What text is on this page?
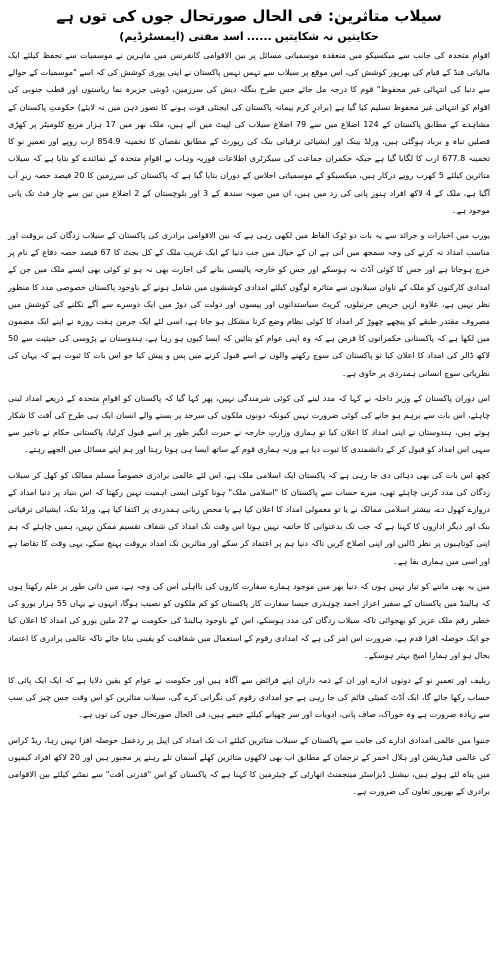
سیلاب متاثرین: فی الحال صورتحال جوں کی توں ہے
حکایتیں نہ شکایتیں......اسد مفتی (ایمسٹرڈیم)

اقوامِ متحدہ کی جانب سے میکسیکو میں منعقدہ موسمیاتی مسائل پر بین الاقوامی کانفرنس میں ماہرین نے موسمیات سے تحفظ کیلئے ایک مالیاتی فنڈ کے قیام کی بھرپور کوشش کی، اس موقع پر سیلاب سے تہس نہس پاکستان نے اپنی پوری کوشش کی کہ اسے "موسمیات کے حوالے سے دنیا کی انتہائی غیر محفوظ" قوم کا درجہ مل جائے جس طرح بنگلہ دیش کی سرزمین، ڈوبتی جزیرہ نما ریاستوں اور قطب جنوبی کی اقوام کو انتہائی غیر محفوظ تسلیم کیا گیا ہے (برادرِ کرم پیمانہ پاکستان کی ایجنٹی قوت ہونے کا تصور ذہن میں نہ لایئے) حکومتِ پاکستان کے مشاہدے کے مطابق پاکستان کے 124 اضلاع میں سے 79 اضلاع سیلاب کی لپیٹ میں آئے ہیں، ملک بھر میں 17 ہزار مربع کلومیٹر پر کھڑی فصلیں تباہ و برباد ہوگئی ہیں، ورلڈ بینک اور ایشیائی ترقیاتی بنک کی رپورٹ کے مطابق نقصان کا تخمینہ 854.9 ارب روپے اور تعمیرِ نو کا تخمینہ 677.8 ارب کا لگایا گیا ہے جبکہ حکمران جماعت کی سیکرٹری اطلاعات فوزیہ وہاب نے اقوامِ متحدہ کے نمائندے کو بتایا ہے کہ سیلاب متاثرین کیلئے 5 کھرب روپے درکار ہیں، میکسیکو کے موسمیاتی اجلاس کے دوران بتایا گیا ہے کہ پاکستان کی سرزمین کا 20 فیصد حصہ زیرِ آب آگیا ہے، ملک کے 4 لاکھ افراد ہنوز پانی کی زد میں ہیں، ان میں صوبہ سندھ کے 3 اور بلوچستان کے 2 اضلاع میں تین سے چار فٹ تک پانی موجود ہے۔

یورپ میں اخبارات و جرائد سے یہ بات دو ٹوک الفاظ میں لکھی رہی ہے کہ بین الاقوامی برادری کی پاکستان کے سیلاب زدگان کی بروقت اور مناسب امداد نہ کرنے کی وجہ سمجھ میں آتی ہے ان کے خیال میں جب دنیا کے ایک غریب ملک کے کل بجٹ کا 67 فیصد حصہ دفاع کے نام پر خرچ ہوجاتا ہے اور جس کا کوئی آڈٹ نہ ہوسکے اور جس کو خارجہ پالیسی بنانے کی اجازت بھی نہ ہو تو کوئی بھی ایسے ملک میں جن کے امدادی کارکنوں کو ملک کے تاوان سیلابوں سے متاثرہ لوگوں کیلئے امدادی کوششوں میں شامل ہونے کے باوجود پاکستان خصوصی مدد کا منظور نظر نہیں ہے، علاوہ ازیں حریص جرنیلوں، کرپٹ سیاستدانوں اور پیسوں اور دولت کی دوڑ میں ایک دوسرے سے آگے نکلنے کی کوشش میں مصروف مقتدر طبقے کو پیچھے چھوڑ کر امداد کا کوئی نظام وضع کرنا مشکل ہو جاتا ہے، اسی لئے ایک جرمن ہفت روزہ نے اپنے ایک مضمون میں لکھا ہے کہ پاکستانی حکمرانوں کا فرض ہے کہ وہ اپنی عوام کو بتائیں کہ ایسا کیوں ہو رہا ہے، ہندوستان نے پڑوسی کی حیثیت سے 50 لاکھ ڈالر کی امداد کا اعلان کیا تو پاکستان کی سوچ رکھنے والوں نے اسے قبول کرنے میں پس و پیش کیا جو اس بات کا ثبوت ہے کہ یہاں کی نظریاتی سوچ انسانی ہمدردی پر حاوی ہے۔

اس دوران پاکستان کے وزیر داخلہ نے کہا کہ مدد لینے کی کوئی شرمندگی نہیں، پھر کہا گیا کہ پاکستان کو اقوامِ متحدہ کے ذریعے امداد لینی چاہئے، اس بات سے برہم ہو جانے کی کوئی ضرورت نہیں کیونکہ دونوں ملکوں کی سرحد پر بسنے والے انسان ایک ہی طرح کی آفت کا شکار ہوتے ہیں، ہندوستان نے اپنی امداد کا اعلان کیا تو ہماری وزارتِ خارجہ نے حیرت انگیز طور پر اسے قبول کرلیا، پاکستانی حکام نے تاخیر سے سہی اس امداد کو قبول کر کے دانشمندی کا ثبوت دیا ہے ورنہ ہماری قوم کے ساتھ ایسا ہی ہوتا رہتا اور ہم اپنے مسائل میں الجھے رہتے۔

کچھ اس بات کی بھی دہائی دی جا رہی ہے کہ پاکستان ایک اسلامی ملک ہے، اس لئے عالمی برادری خصوصاً مسلم ممالک کو کھل کر سیلاب زدگان کی مدد کرنی چاہئے تھی، میرے حساب سے پاکستان کا "اسلامی ملک" ہونا کوئی ایسی اہمیت نہیں رکھتا کہ اس بنیاد پر دنیا امداد کے دروازے کھول دے، بیشتر اسلامی ممالک نے یا تو معمولی امداد کا اعلان کیا ہے یا محض زبانی ہمدردی پر اکتفا کیا ہے، ورلڈ بنک، ایشیائی ترقیاتی بنک اور دیگر اداروں کا کہنا ہے کہ جب تک بدعنوانی کا خاتمہ نہیں ہوتا اس وقت تک امداد کی شفاف تقسیم ممکن نہیں، ہمیں چاہئے کہ ہم اپنی کوتاہیوں پر نظر ڈالیں اور اپنی اصلاح کریں تاکہ دنیا ہم پر اعتماد کر سکے اور متاثرین تک امداد بروقت پہنچ سکے، یہی وقت کا تقاضا ہے اور اسی میں ہماری بقا ہے۔

میں یہ بھی ماننے کو تیار نہیں ہوں کہ دنیا بھر میں موجود ہمارے سفارت کاروں کی نااہلی اس کی وجہ ہے، میں ذاتی طور پر علم رکھتا ہوں کہ ہالینڈ میں پاکستان کے سفیر اعزاز احمد چوہدری جیسا سفارت کار پاکستان کو کم ملکوں کو نصیب ہوگا، انہوں نے یہاں 55 ہزار یورو کی خطیر رقم ملک عزیز کو بھجوائی تاکہ سیلاب زدگان کی مدد ہوسکے، اس کے باوجود ہالینڈ کی حکومت نے 27 ملین یورو کی امداد کا اعلان کیا جو ایک حوصلہ افزا قدم ہے، ضرورت اس امر کی ہے کہ امدادی رقوم کے استعمال میں شفافیت کو یقینی بنایا جائے تاکہ عالمی برادری کا اعتماد بحال ہو اور ہمارا امیج بہتر ہوسکے۔

ریلیف اور تعمیرِ نو کے دونوں ادارے اور ان کے ذمہ داران اپنے فرائض سے آگاہ ہیں اور حکومت نے عوام کو یقین دلایا ہے کہ ایک ایک پائی کا حساب رکھا جائے گا، ایک آڈٹ کمیٹی قائم کی جا رہی ہے جو امدادی رقوم کی نگرانی کرے گی، سیلاب متاثرین کو اس وقت جس چیز کی سب سے زیادہ ضرورت ہے وہ خوراک، صاف پانی، ادویات اور سر چھپانے کیلئے خیمے ہیں، فی الحال صورتحال جوں کی توں ہے۔

جنیوا میں عالمی امدادی ادارے کی جانب سے پاکستان کے سیلاب متاثرین کیلئے اب تک امداد کی اپیل پر ردعمل حوصلہ افزا نہیں رہا، ریڈ کراس کی عالمی فیڈریشن اور ہلال احمر کے ترجمان کے مطابق اب بھی لاکھوں متاثرین کھلے آسمان تلے رہنے پر مجبور ہیں اور 20 لاکھ افراد کیمپوں میں پناہ لئے ہوئے ہیں، نیشنل ڈیزاسٹر مینجمنٹ اتھارٹی کے چیئرمین کا کہنا ہے کہ پاکستان کو اس "قدرتی آفت" سے نمٹنے کیلئے بین الاقوامی برادری کے بھرپور تعاون کی ضرورت ہے۔
